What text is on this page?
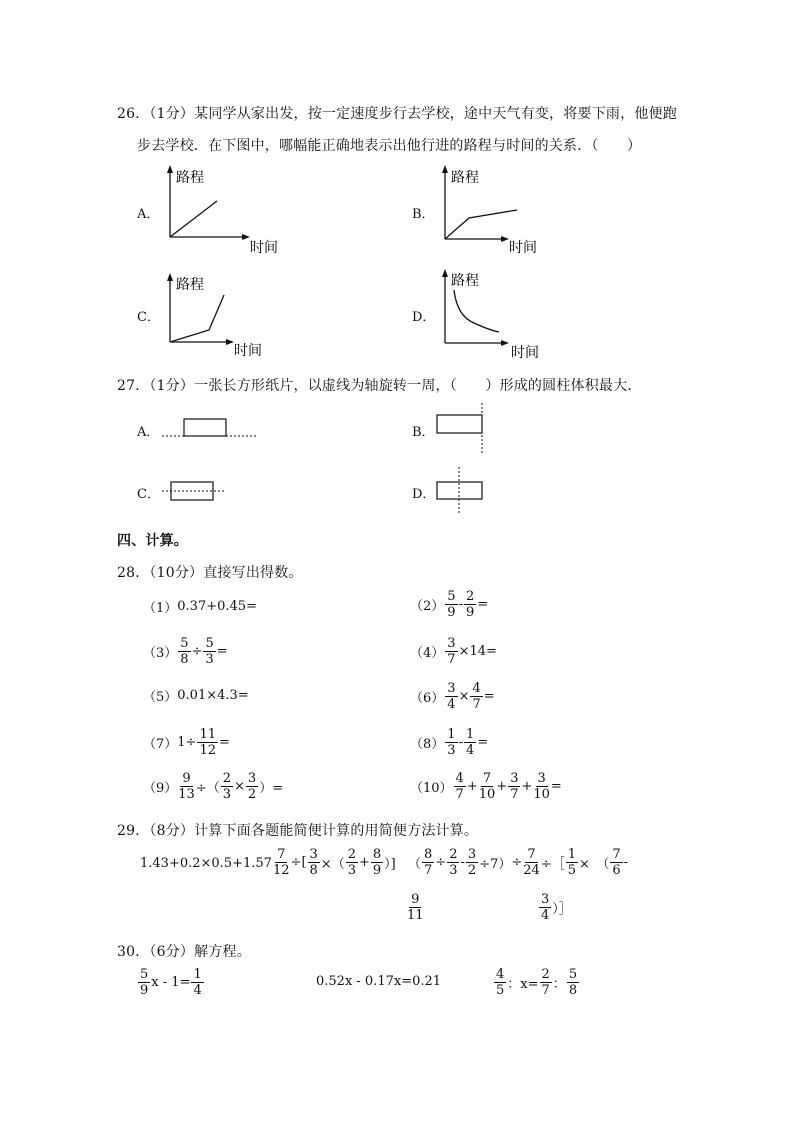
26．（1分）某同学从家出发，按一定速度步行去学校，途中天气有变，将要下雨，他便跑
步去学校．在下图中，哪幅能正确地表示出他行进的路程与时间的关系．（　　）
A．
路程
时间
B．
路程
时间
C．
路程
时间
D．
路程
时间
27．（1分）一张长方形纸片，以虚线为轴旋转一周，（　　）形成的圆柱体积最大．
A．	B．
C．	D．
四、计算。
28．（10分）直接写出得数。
（1） 0.37+0.45=	（2）
5
9
- $\frac{2}{9}$ =
$(3) \frac{5}{8} \div \frac{5}{3}$ =	$(4) \frac{3}{7} \times 14=$
（5） 0.01×4.3=	$(6) \frac{3}{4} \times \frac{4}{7}$ =
（7） $1\div \frac{11}{12}$ =	（8）
1
3
- $\frac{1}{4}$ =
$(9) \frac{9}{13}$ ÷（ $\frac{2}{3} \times \frac{3}{2}$ ）=	（10）
4
7
+ $\frac{7}{10} + \frac{3}{7} + \frac{3}{10}$ =
29．（8分）计算下面各题能简便计算的用简便方法计算。
$1.43+0.2\times 0.5+1.57 \frac{7}{12}$ ÷[ $\frac{3}{8}$ ×（
2
3
+ $\frac{8}{9}$ ）] （ $\frac{8}{7} \div \frac{2}{3} - \frac{3}{2} \div 7) \div \frac{7}{24}$ ÷［ $\frac{1}{5}$ ×　（
7
6
-
9
11
3
4 ）］
30．（6分）解方程。
5
9
$x - 1= \frac{1}{4}$	0.52x - 0.17x=0.21	4
5 ：$x= \frac{2}{7}$ ：
5
8
